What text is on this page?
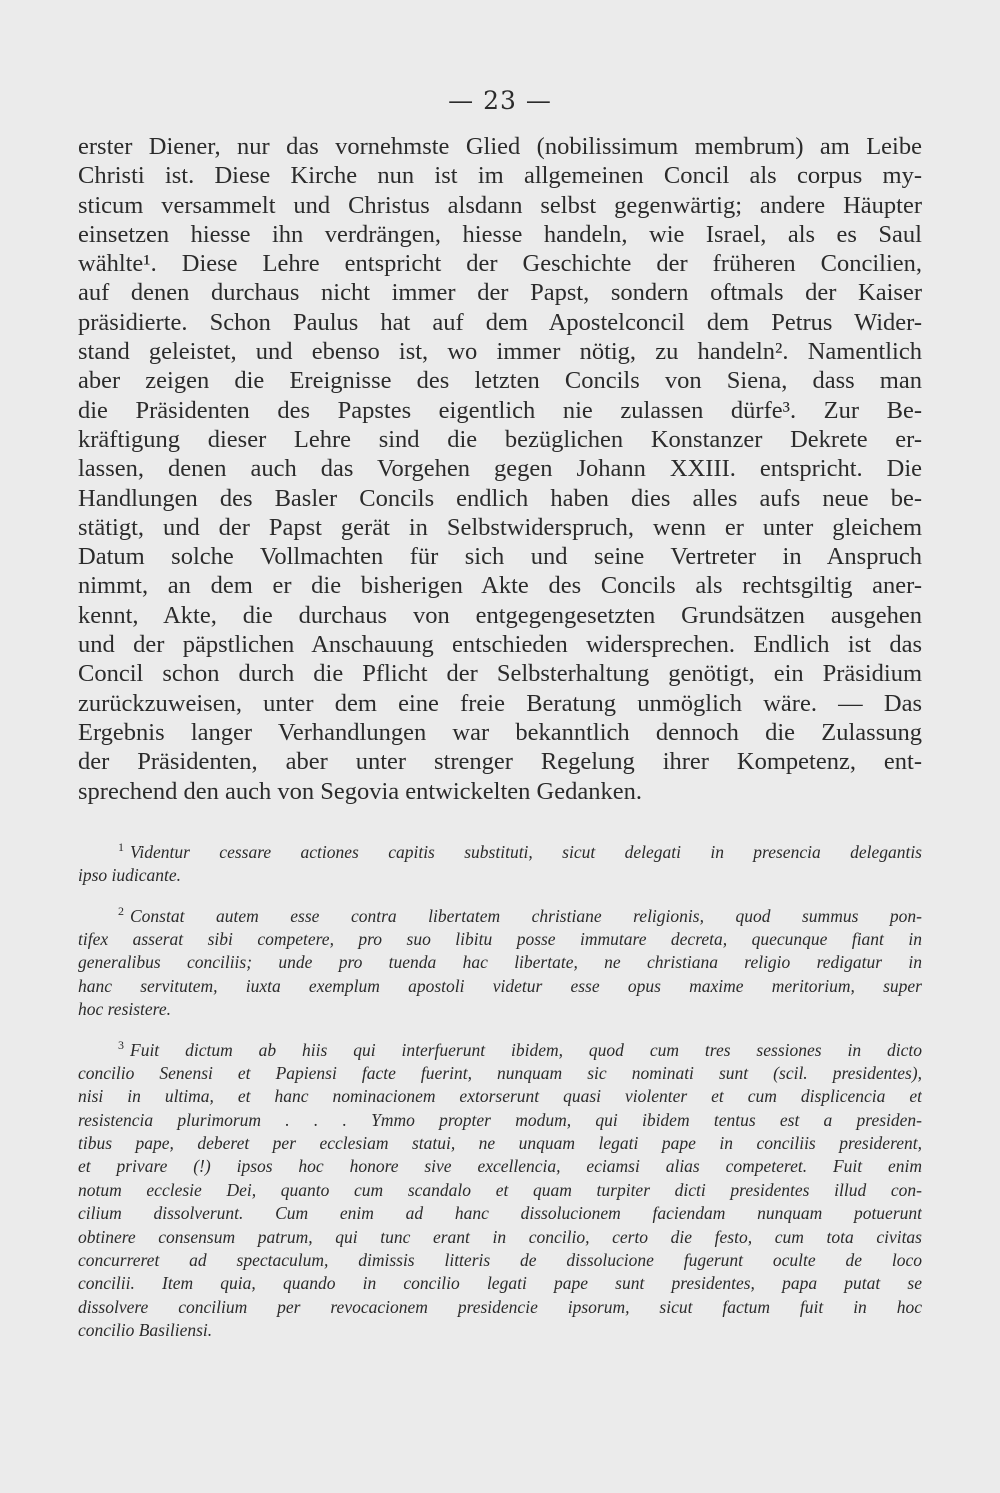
— 23 —
erster Diener, nur das vornehmste Glied (nobilissimum membrum) am Leibe
Christi ist. Diese Kirche nun ist im allgemeinen Concil als corpus my-
sticum versammelt und Christus alsdann selbst gegenwärtig; andere Häupter
einsetzen hiesse ihn verdrängen, hiesse handeln, wie Israel, als es Saul
wählte¹. Diese Lehre entspricht der Geschichte der früheren Concilien,
auf denen durchaus nicht immer der Papst, sondern oftmals der Kaiser
präsidierte. Schon Paulus hat auf dem Apostelconcil dem Petrus Wider-
stand geleistet, und ebenso ist, wo immer nötig, zu handeln². Namentlich
aber zeigen die Ereignisse des letzten Concils von Siena, dass man
die Präsidenten des Papstes eigentlich nie zulassen dürfe³. Zur Be-
kräftigung dieser Lehre sind die bezüglichen Konstanzer Dekrete er-
lassen, denen auch das Vorgehen gegen Johann XXIII. entspricht. Die
Handlungen des Basler Concils endlich haben dies alles aufs neue be-
stätigt, und der Papst gerät in Selbstwiderspruch, wenn er unter gleichem
Datum solche Vollmachten für sich und seine Vertreter in Anspruch
nimmt, an dem er die bisherigen Akte des Concils als rechtsgiltig aner-
kennt, Akte, die durchaus von entgegengesetzten Grundsätzen ausgehen
und der päpstlichen Anschauung entschieden widersprechen. Endlich ist das
Concil schon durch die Pflicht der Selbsterhaltung genötigt, ein Präsidium
zurückzuweisen, unter dem eine freie Beratung unmöglich wäre. — Das
Ergebnis langer Verhandlungen war bekanntlich dennoch die Zulassung
der Präsidenten, aber unter strenger Regelung ihrer Kompetenz, ent-
sprechend den auch von Segovia entwickelten Gedanken.
$^1$ Videntur cessare actiones capitis substituti, sicut delegati in presencia delegantis
ipso iudicante.
$^2$ Constat autem esse contra libertatem christiane religionis, quod summus pon-
tifex asserat sibi competere, pro suo libitu posse immutare decreta, quecunque fiant in
generalibus conciliis; unde pro tuenda hac libertate, ne christiana religio redigatur in
hanc servitutem, iuxta exemplum apostoli videtur esse opus maxime meritorium, super
hoc resistere.
$^3$ Fuit dictum ab hiis qui interfuerunt ibidem, quod cum tres sessiones in dicto
concilio Senensi et Papiensi facte fuerint, nunquam sic nominati sunt (scil. presidentes),
nisi in ultima, et hanc nominacionem extorserunt quasi violenter et cum displicencia et
resistencia plurimorum . . . Ymmo propter modum, qui ibidem tentus est a presiden-
tibus pape, deberet per ecclesiam statui, ne unquam legati pape in conciliis presiderent,
et privare (!) ipsos hoc honore sive excellencia, eciamsi alias competeret. Fuit enim
notum ecclesie Dei, quanto cum scandalo et quam turpiter dicti presidentes illud con-
cilium dissolverunt. Cum enim ad hanc dissolucionem faciendam nunquam potuerunt
obtinere consensum patrum, qui tunc erant in concilio, certo die festo, cum tota civitas
concurreret ad spectaculum, dimissis litteris de dissolucione fugerunt oculte de loco
concilii. Item quia, quando in concilio legati pape sunt presidentes, papa putat se
dissolvere concilium per revocacionem presidencie ipsorum, sicut factum fuit in hoc
concilio Basiliensi.
